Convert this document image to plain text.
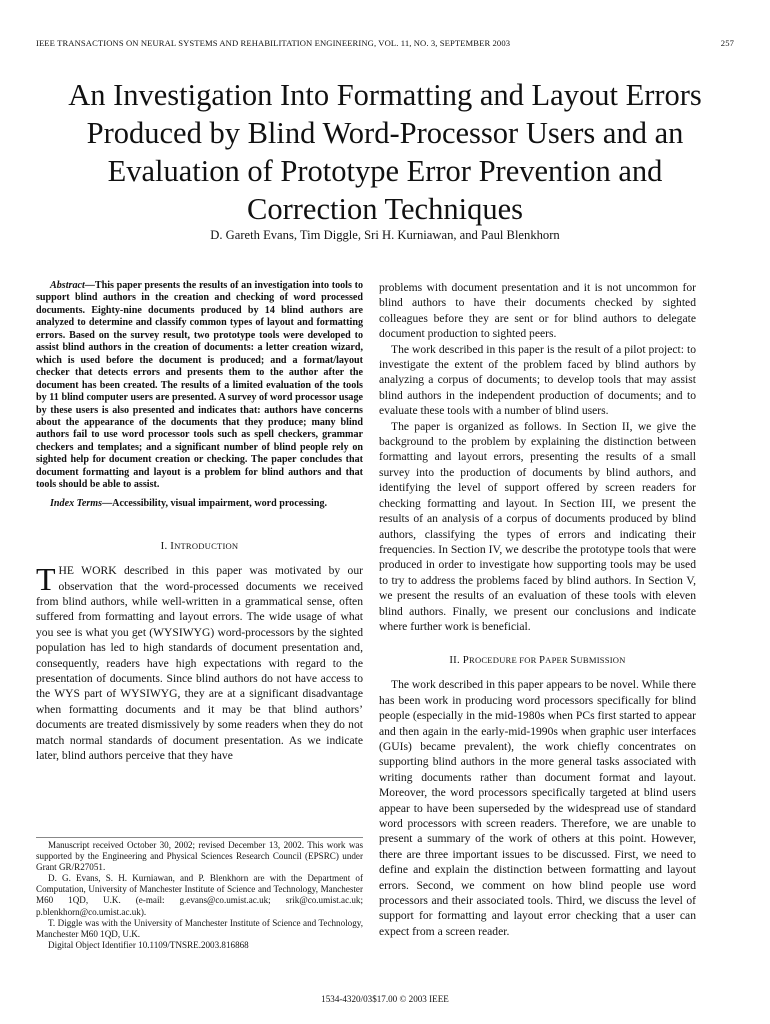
IEEE TRANSACTIONS ON NEURAL SYSTEMS AND REHABILITATION ENGINEERING, VOL. 11, NO. 3, SEPTEMBER 2003	257
An Investigation Into Formatting and Layout Errors
Produced by Blind Word-Processor Users and an
Evaluation of Prototype Error Prevention and
Correction Techniques
D. Gareth Evans, Tim Diggle, Sri H. Kurniawan, and Paul Blenkhorn

Abstract—This paper presents the results of an investigation into tools to support blind authors in the creation and checking of word processed documents. Eighty-nine documents produced by 14 blind authors are analyzed to determine and classify common types of layout and formatting errors. Based on the survey result, two prototype tools were developed to assist blind authors in the creation of documents: a letter creation wizard, which is used before the document is produced; and a format/layout checker that detects errors and presents them to the author after the document has been created. The results of a limited evaluation of the tools by 11 blind computer users are presented. A survey of word processor usage by these users is also presented and indicates that: authors have concerns about the appearance of the documents that they produce; many blind authors fail to use word processor tools such as spell checkers, grammar checkers and templates; and a significant number of blind people rely on sighted help for document creation or checking. The paper concludes that document formatting and layout is a problem for blind authors and that tools should be able to assist.

Index Terms—Accessibility, visual impairment, word processing.

I. INTRODUCTION

THE WORK described in this paper was motivated by our observation that the word-processed documents we received from blind authors, while well-written in a grammatical sense, often suffered from formatting and layout errors. The wide usage of what you see is what you get (WYSIWYG) word-processors by the sighted population has led to high standards of document presentation and, consequently, readers have high expectations with regard to the presentation of documents. Since blind authors do not have access to the WYS part of WYSIWYG, they are at a significant disadvantage when formatting documents and it may be that blind authors’ documents are treated dismissively by some readers when they do not match normal standards of document presentation. As we indicate later, blind authors perceive that they have

Manuscript received October 30, 2002; revised December 13, 2002. This work was supported by the Engineering and Physical Sciences Research Council (EPSRC) under Grant GR/R27051.

D. G. Evans, S. H. Kurniawan, and P. Blenkhorn are with the Department of Computation, University of Manchester Institute of Science and Technology, Manchester M60 1QD, U.K. (e-mail: g.evans@co.umist.ac.uk; srik@co.umist.ac.uk; p.blenkhorn@co.umist.ac.uk).

T. Diggle was with the University of Manchester Institute of Science and Technology, Manchester M60 1QD, U.K.

Digital Object Identifier 10.1109/TNSRE.2003.816868

problems with document presentation and it is not uncommon for blind authors to have their documents checked by sighted colleagues before they are sent or for blind authors to delegate document production to sighted peers.

The work described in this paper is the result of a pilot project: to investigate the extent of the problem faced by blind authors by analyzing a corpus of documents; to develop tools that may assist blind authors in the independent production of documents; and to evaluate these tools with a number of blind users.

The paper is organized as follows. In Section II, we give the background to the problem by explaining the distinction between formatting and layout errors, presenting the results of a small survey into the production of documents by blind authors, and identifying the level of support offered by screen readers for checking formatting and layout. In Section III, we present the results of an analysis of a corpus of documents produced by blind authors, classifying the types of errors and indicating their frequencies. In Section IV, we describe the prototype tools that were produced in order to investigate how supporting tools may be used to try to address the problems faced by blind authors. In Section V, we present the results of an evaluation of these tools with eleven blind authors. Finally, we present our conclusions and indicate where further work is beneficial.

II. PROCEDURE FOR PAPER SUBMISSION

The work described in this paper appears to be novel. While there has been work in producing word processors specifically for blind people (especially in the mid-1980s when PCs first started to appear and then again in the early-mid-1990s when graphic user interfaces (GUIs) became prevalent), the work chiefly concentrates on supporting blind authors in the more general tasks associated with writing documents rather than document format and layout. Moreover, the word processors specifically targeted at blind users appear to have been superseded by the widespread use of standard word processors with screen readers. Therefore, we are unable to present a summary of the work of others at this point. However, there are three important issues to be discussed. First, we need to define and explain the distinction between formatting and layout errors. Second, we comment on how blind people use word processors and their associated tools. Third, we discuss the level of support for formatting and layout error checking that a user can expect from a screen reader.

1534-4320/03$17.00 © 2003 IEEE
